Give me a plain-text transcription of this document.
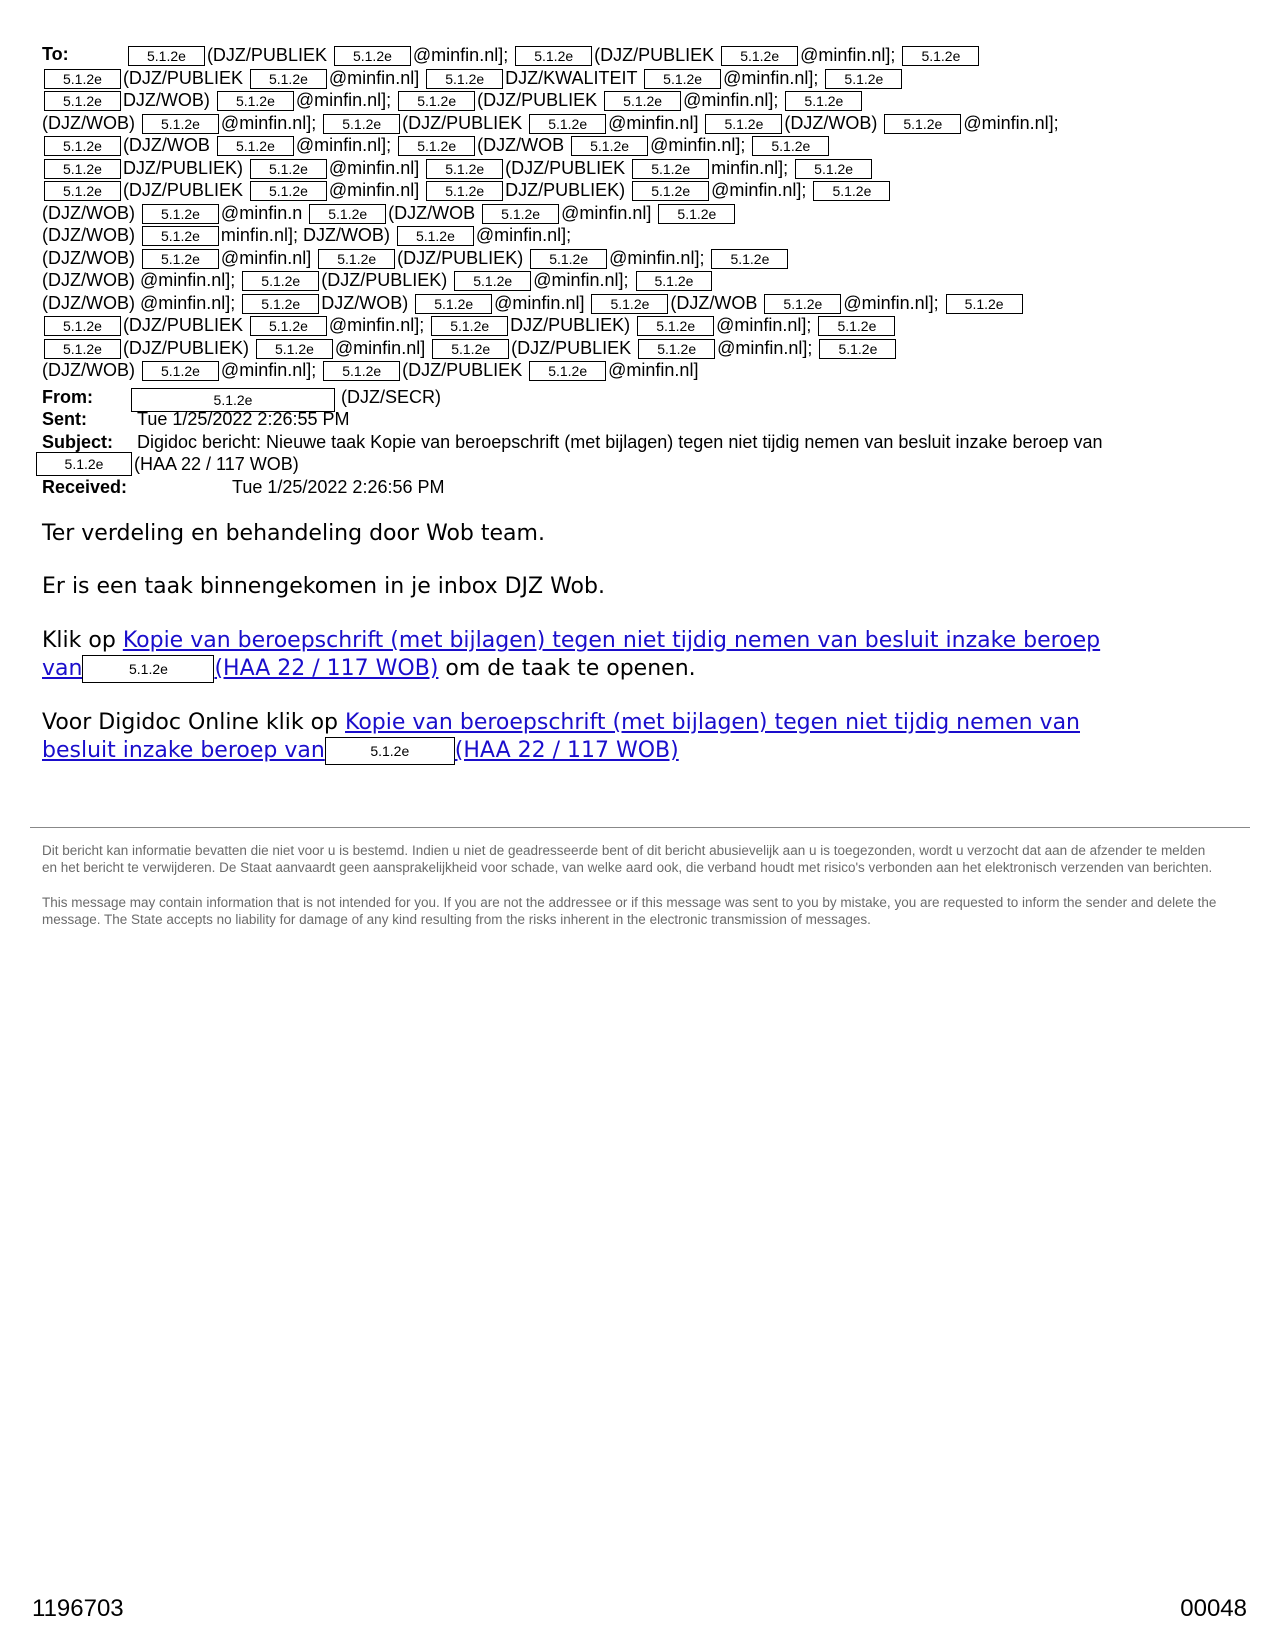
To:	5.1.2e (DJZ/PUBLIEK 5.1.2e @minfin.nl]; 5.1.2e (DJZ/PUBLIEK 5.1.2e @minfin.nl]; 5.1.2e
5.1.2e (DJZ/PUBLIEK 5.1.2e @minfin.nl] 5.1.2e DJZ/KWALITEIT 5.1.2e @minfin.nl]; 5.1.2e
5.1.2e DJZ/WOB) 5.1.2e @minfin.nl]; 5.1.2e (DJZ/PUBLIEK 5.1.2e @minfin.nl]; 5.1.2e
(DJZ/WOB) 5.1.2e @minfin.nl]; 5.1.2e (DJZ/PUBLIEK 5.1.2e @minfin.nl] 5.1.2e (DJZ/WOB) 5.1.2e @minfin.nl];
5.1.2e (DJZ/WOB 5.1.2e @minfin.nl]; 5.1.2e (DJZ/WOB 5.1.2e @minfin.nl]; 5.1.2e
5.1.2e DJZ/PUBLIEK) 5.1.2e @minfin.nl] 5.1.2e (DJZ/PUBLIEK 5.1.2e minfin.nl]; 5.1.2e
5.1.2e (DJZ/PUBLIEK 5.1.2e @minfin.nl] 5.1.2e DJZ/PUBLIEK) 5.1.2e @minfin.nl]; 5.1.2e
(DJZ/WOB) 5.1.2e @minfin.n 5.1.2e (DJZ/WOB 5.1.2e @minfin.nl] 5.1.2e
(DJZ/WOB) 5.1.2e minfin.nl]; DJZ/WOB) 5.1.2e @minfin.nl];
(DJZ/WOB) 5.1.2e @minfin.nl] 5.1.2e (DJZ/PUBLIEK) 5.1.2e @minfin.nl]; 5.1.2e
(DJZ/WOB) @minfin.nl]; 5.1.2e (DJZ/PUBLIEK) 5.1.2e @minfin.nl]; 5.1.2e
(DJZ/WOB) @minfin.nl]; 5.1.2e DJZ/WOB) 5.1.2e @minfin.nl] 5.1.2e (DJZ/WOB 5.1.2e @minfin.nl]; 5.1.2e
5.1.2e (DJZ/PUBLIEK 5.1.2e @minfin.nl]; 5.1.2e DJZ/PUBLIEK) 5.1.2e @minfin.nl]; 5.1.2e
5.1.2e (DJZ/PUBLIEK) 5.1.2e @minfin.nl] 5.1.2e (DJZ/PUBLIEK 5.1.2e @minfin.nl]; 5.1.2e
(DJZ/WOB) 5.1.2e @minfin.nl]; 5.1.2e (DJZ/PUBLIEK 5.1.2e @minfin.nl]
From:	5.1.2e	(DJZ/SECR)
Sent:	Tue 1/25/2022 2:26:55 PM
Subject: Digidoc bericht: Nieuwe taak Kopie van beroepschrift (met bijlagen) tegen niet tijdig nemen van besluit inzake beroep van
5.1.2e	(HAA 22 / 117 WOB)
Received:	Tue 1/25/2022 2:26:56 PM
Ter verdeling en behandeling door Wob team.
Er is een taak binnengekomen in je inbox DJZ Wob.
Klik op Kopie van beroepschrift (met bijlagen) tegen niet tijdig nemen van besluit inzake beroep
van	5.1.2e (HAA 22 / 117 WOB) om de taak te openen.
Voor Digidoc Online klik op Kopie van beroepschrift (met bijlagen) tegen niet tijdig nemen van
besluit inzake beroep van	5.1.2e (HAA 22 / 117 WOB)
Dit bericht kan informatie bevatten die niet voor u is bestemd. Indien u niet de geadresseerde bent of dit bericht abusievelijk aan u is toegezonden, wordt u verzocht dat aan de afzender te melden en het bericht te verwijderen. De Staat aanvaardt geen aansprakelijkheid voor schade, van welke aard ook, die verband houdt met risico's verbonden aan het elektronisch verzenden van berichten.
This message may contain information that is not intended for you. If you are not the addressee or if this message was sent to you by mistake, you are requested to inform the sender and delete the message. The State accepts no liability for damage of any kind resulting from the risks inherent in the electronic transmission of messages.
1196703	00048
